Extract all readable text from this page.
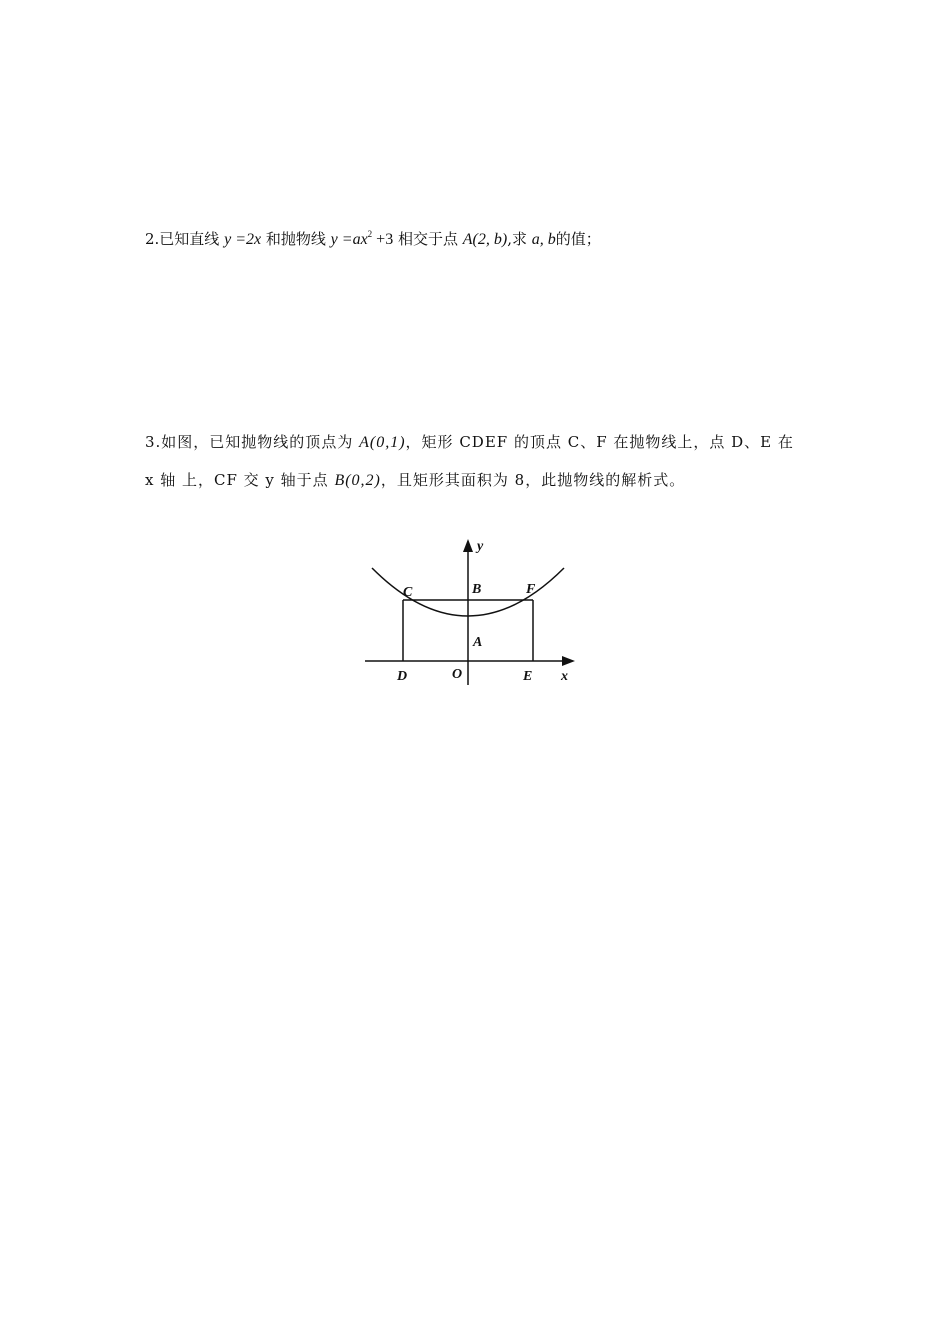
2.已知直线 y =2x 和抛物线 $y =ax^2 +3$ 相交于点 A(2, b),求 a, b的值；
3.如图，已知抛物线的顶点为 A(0,1)，矩形 CDEF 的顶点 C、F 在抛物线上，点 D、E 在
x 轴 上，CF 交 y 轴于点 B(0,2)，且矩形其面积为 8，此抛物线的解析式。
y
C	B	F
A
D	O	E x
